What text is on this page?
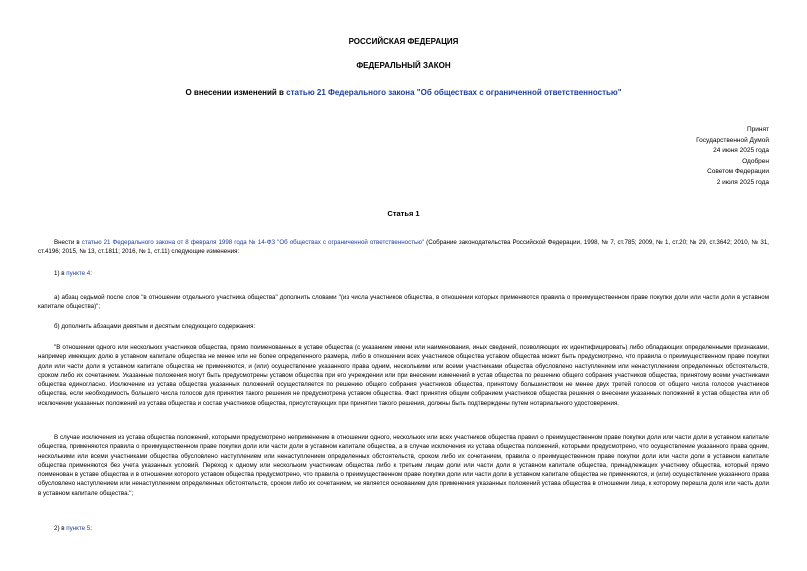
РОССИЙСКАЯ ФЕДЕРАЦИЯ
ФЕДЕРАЛЬНЫЙ ЗАКОН
О внесении изменений в статью 21 Федерального закона "Об обществах с ограниченной ответственностью"
Принят
Государственной Думой
24 июня 2025 года
Одобрен
Советом Федерации
2 июля 2025 года
Статья 1
Внести в статью 21 Федерального закона от 8 февраля 1998 года № 14-ФЗ "Об обществах с ограниченной ответственностью" (Собрание законодательства Российской Федерации, 1998, № 7, ст.785; 2009, № 1, ст.20; № 29, ст.3642; 2010, № 31, ст.4196; 2015, № 13, ст.1811; 2016, № 1, ст.11) следующие изменения:
1) в пункте 4:
а) абзац седьмой после слов "в отношении отдельного участника общества" дополнить словами "(из числа участников общества, в отношении которых применяются правила о преимущественном праве покупки доли или части доли в уставном капитале общества)";
б) дополнить абзацами девятым и десятым следующего содержания:
"В отношении одного или нескольких участников общества, прямо поименованных в уставе общества (с указанием имени или наименования, иных сведений, позволяющих их идентифицировать) либо обладающих определенными признаками, например имеющих долю в уставном капитале общества не менее или не более определенного размера, либо в отношении всех участников общества уставом общества может быть предусмотрено, что правила о преимущественном праве покупки доли или части доли в уставном капитале общества не применяются, и (или) осуществление указанного права одним, несколькими или всеми участниками общества обусловлено наступлением или ненаступлением определенных обстоятельств, сроком либо их сочетанием. Указанные положения могут быть предусмотрены уставом общества при его учреждении или при внесении изменений в устав общества по решению общего собрания участников общества, принятому всеми участниками общества единогласно. Исключение из устава общества указанных положений осуществляется по решению общего собрания участников общества, принятому большинством не менее двух третей голосов от общего числа голосов участников общества, если необходимость большего числа голосов для принятия такого решения не предусмотрена уставом общества. Факт принятия общим собранием участников общества решения о внесении указанных положений в устав общества или об исключении указанных положений из устава общества и состав участников общества, присутствующих при принятии такого решения, должны быть подтверждены путем нотариального удостоверения.
В случае исключения из устава общества положений, которыми предусмотрено неприменение в отношении одного, нескольких или всех участников общества правил о преимущественном праве покупки доли или части доли в уставном капитале общества, применяются правила о преимущественном праве покупки доли или части доли в уставном капитале общества, а в случае исключения из устава общества положений, которыми предусмотрено, что осуществление указанного права одним, несколькими или всеми участниками общества обусловлено наступлением или ненаступлением определенных обстоятельств, сроком либо их сочетанием, правила о преимущественном праве покупки доли или части доли в уставном капитале общества применяются без учета указанных условий. Переход к одному или нескольким участникам общества либо к третьим лицам доли или части доли в уставном капитале общества, принадлежащих участнику общества, который прямо поименован в уставе общества и в отношении которого уставом общества предусмотрено, что правила о преимущественном праве покупки доли или части доли в уставном капитале общества не применяются, и (или) осуществление указанного права обусловлено наступлением или ненаступлением определенных обстоятельств, сроком либо их сочетанием, не является основанием для применения указанных положений устава общества в отношении лица, к которому перешла доля или часть доли в уставном капитале общества.";
2) в пункте 5:
